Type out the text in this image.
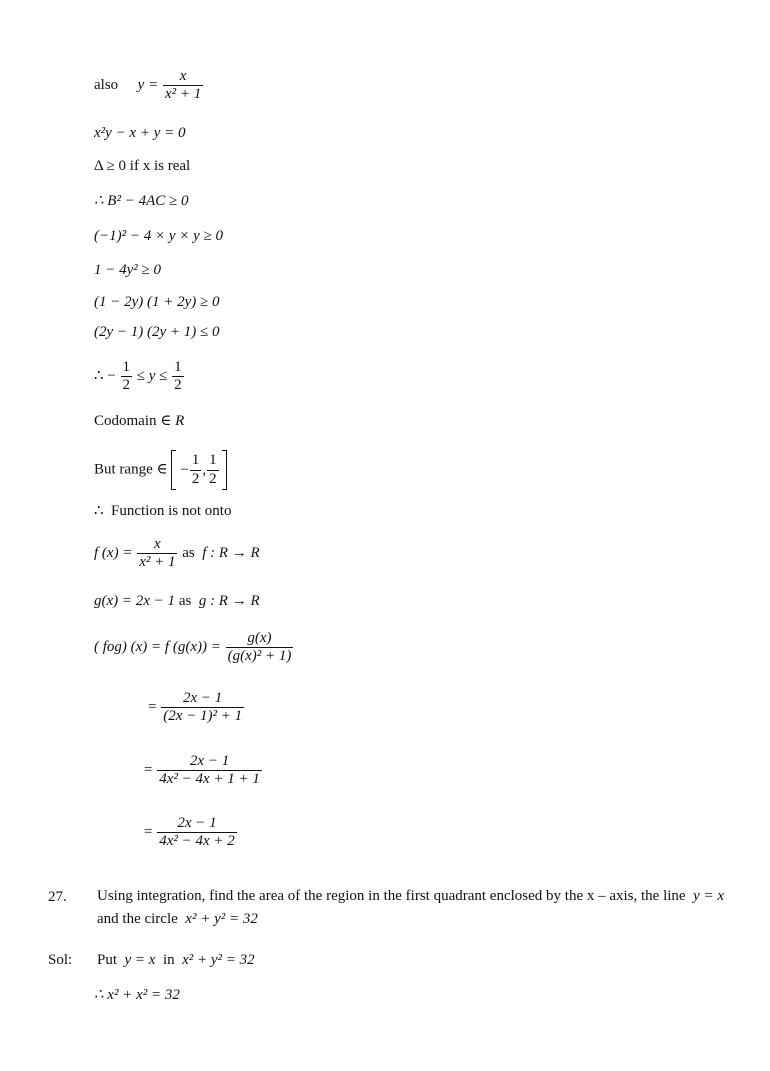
also $y = \frac{x}{\text{x² + 1}}$
x²y − x + y = 0
Δ ≥ 0 if x is real
∴ B² − 4AC ≥ 0
(−1)² − 4 × y × y ≥ 0
1 − 4y² ≥ 0
(1 − 2y) (1 + 2y) ≥ 0
(2y − 1) (2y + 1) ≤ 0
∴ − $\frac{1}{2} \le y \le \frac{1}{2}$
Codomain ∈ R
But range ∈ − $\frac{1}{2}$ , $\frac{1}{2}$
∴ Function is not onto
f $(x) = \frac{x}{\text{x² + 1}}$ as f : R → R
g(x) = 2x − 1 as g : R → R
( fog) (x) = f $(g(x)) = \frac{g(x)}{\text{(g(x)² + 1)}}$
= $\frac{2x - 1}{\text{(2x − 1)² + 1}}$
= $\frac{2x - 1}{\text{4x² − 4x + 1 + 1}}$
= $\frac{2x - 1}{\text{4x² − 4x + 2}}$
27. Using integration, find the area of the region in the first quadrant enclosed by the x – axis, the line y = x
and the circle x² + y² = 32
Sol: Put y = x in x² + y² = 32
∴ x² + x² = 32
